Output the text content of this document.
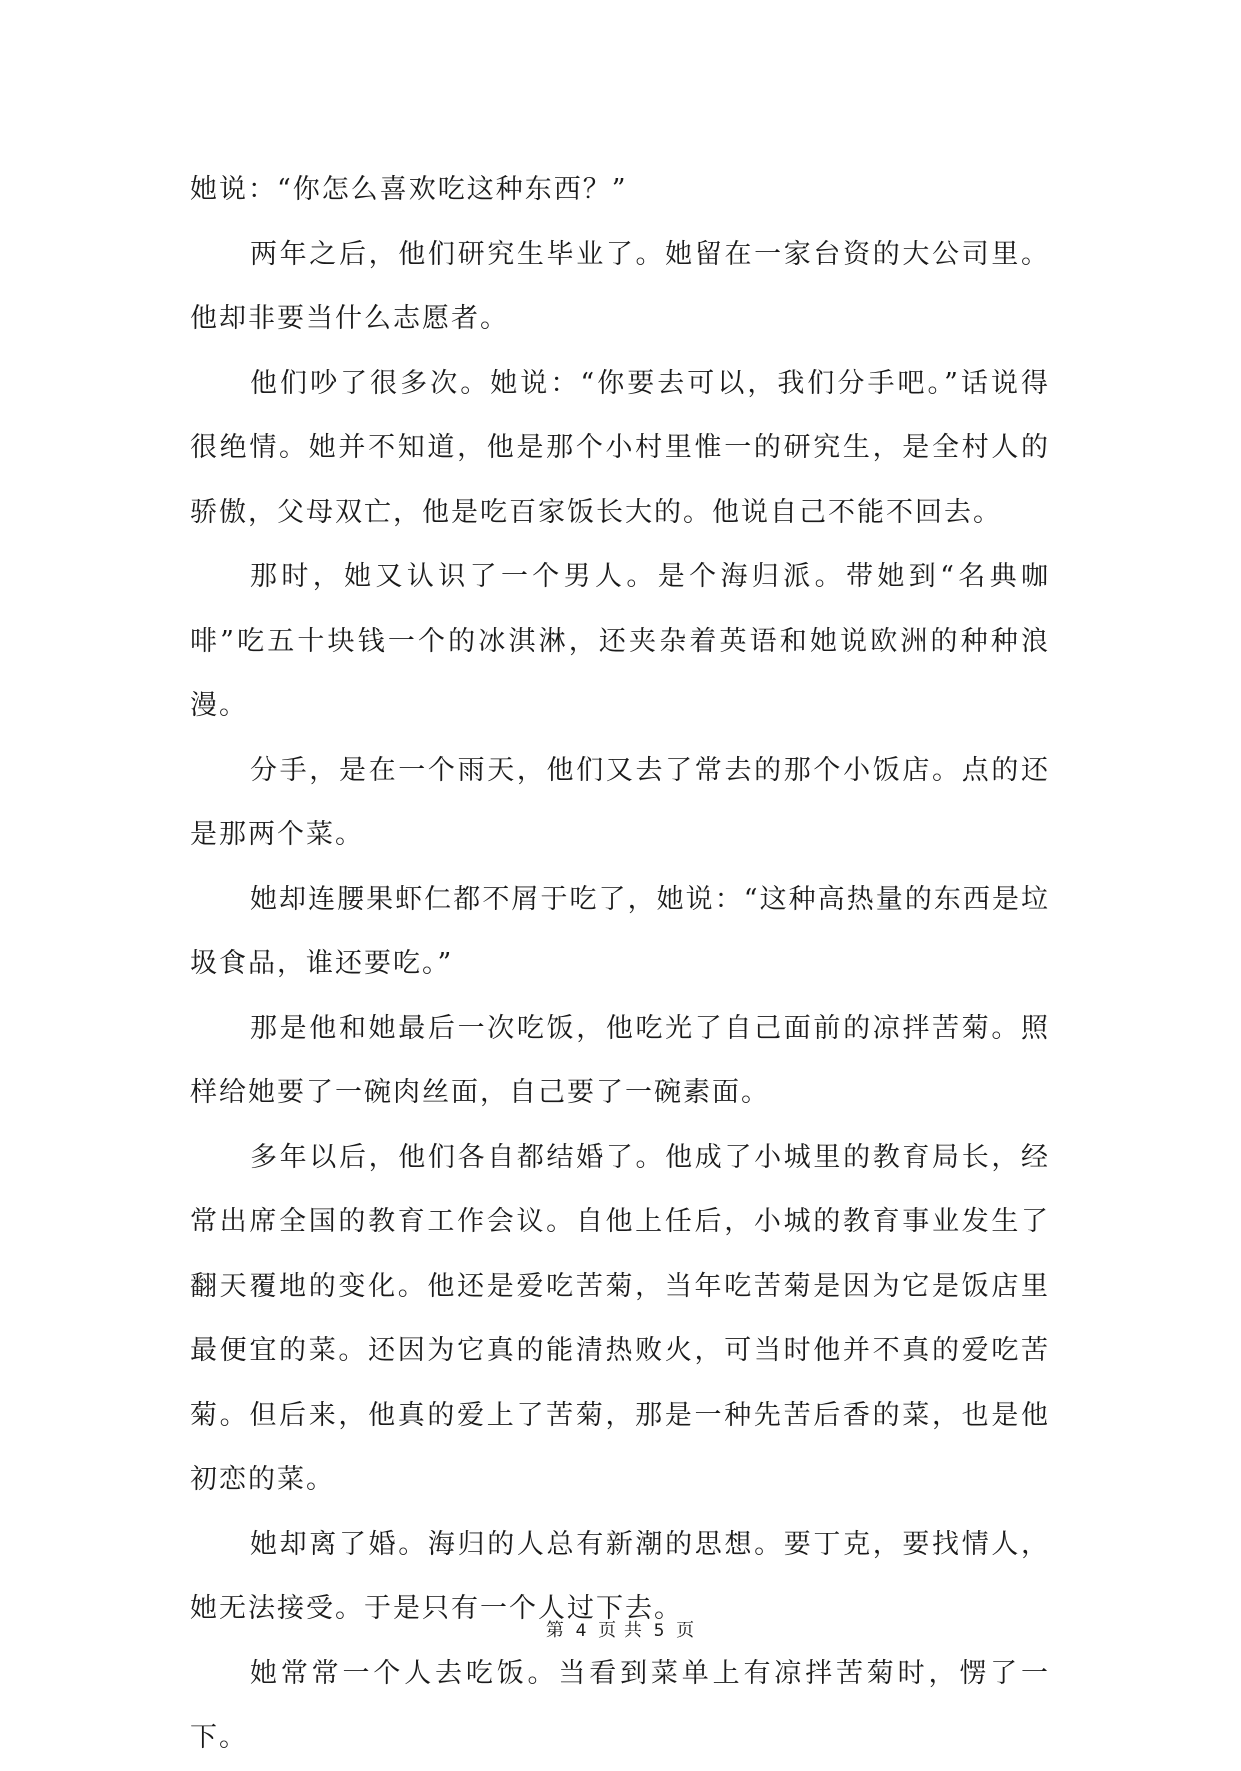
她说：“你怎么喜欢吃这种东西？”

两年之后，他们研究生毕业了。她留在一家台资的大公司里。他却非要当什么志愿者。

他们吵了很多次。她说：“你要去可以，我们分手吧。”话说得很绝情。她并不知道，他是那个小村里惟一的研究生，是全村人的骄傲，父母双亡，他是吃百家饭长大的。他说自己不能不回去。

那时，她又认识了一个男人。是个海归派。带她到“名典咖啡”吃五十块钱一个的冰淇淋，还夹杂着英语和她说欧洲的种种浪漫。

分手，是在一个雨天，他们又去了常去的那个小饭店。点的还是那两个菜。

她却连腰果虾仁都不屑于吃了，她说：“这种高热量的东西是垃圾食品，谁还要吃。”

那是他和她最后一次吃饭，他吃光了自己面前的凉拌苦菊。照样给她要了一碗肉丝面，自己要了一碗素面。

多年以后，他们各自都结婚了。他成了小城里的教育局长，经常出席全国的教育工作会议。自他上任后，小城的教育事业发生了翻天覆地的变化。他还是爱吃苦菊，当年吃苦菊是因为它是饭店里最便宜的菜。还因为它真的能清热败火，可当时他并不真的爱吃苦菊。但后来，他真的爱上了苦菊，那是一种先苦后香的菜，也是他初恋的菜。

她却离了婚。海归的人总有新潮的思想。要丁克，要找情人，她无法接受。于是只有一个人过下去。

她常常一个人去吃饭。当看到菜单上有凉拌苦菊时，愣了一下。

第 4 页 共 5 页
